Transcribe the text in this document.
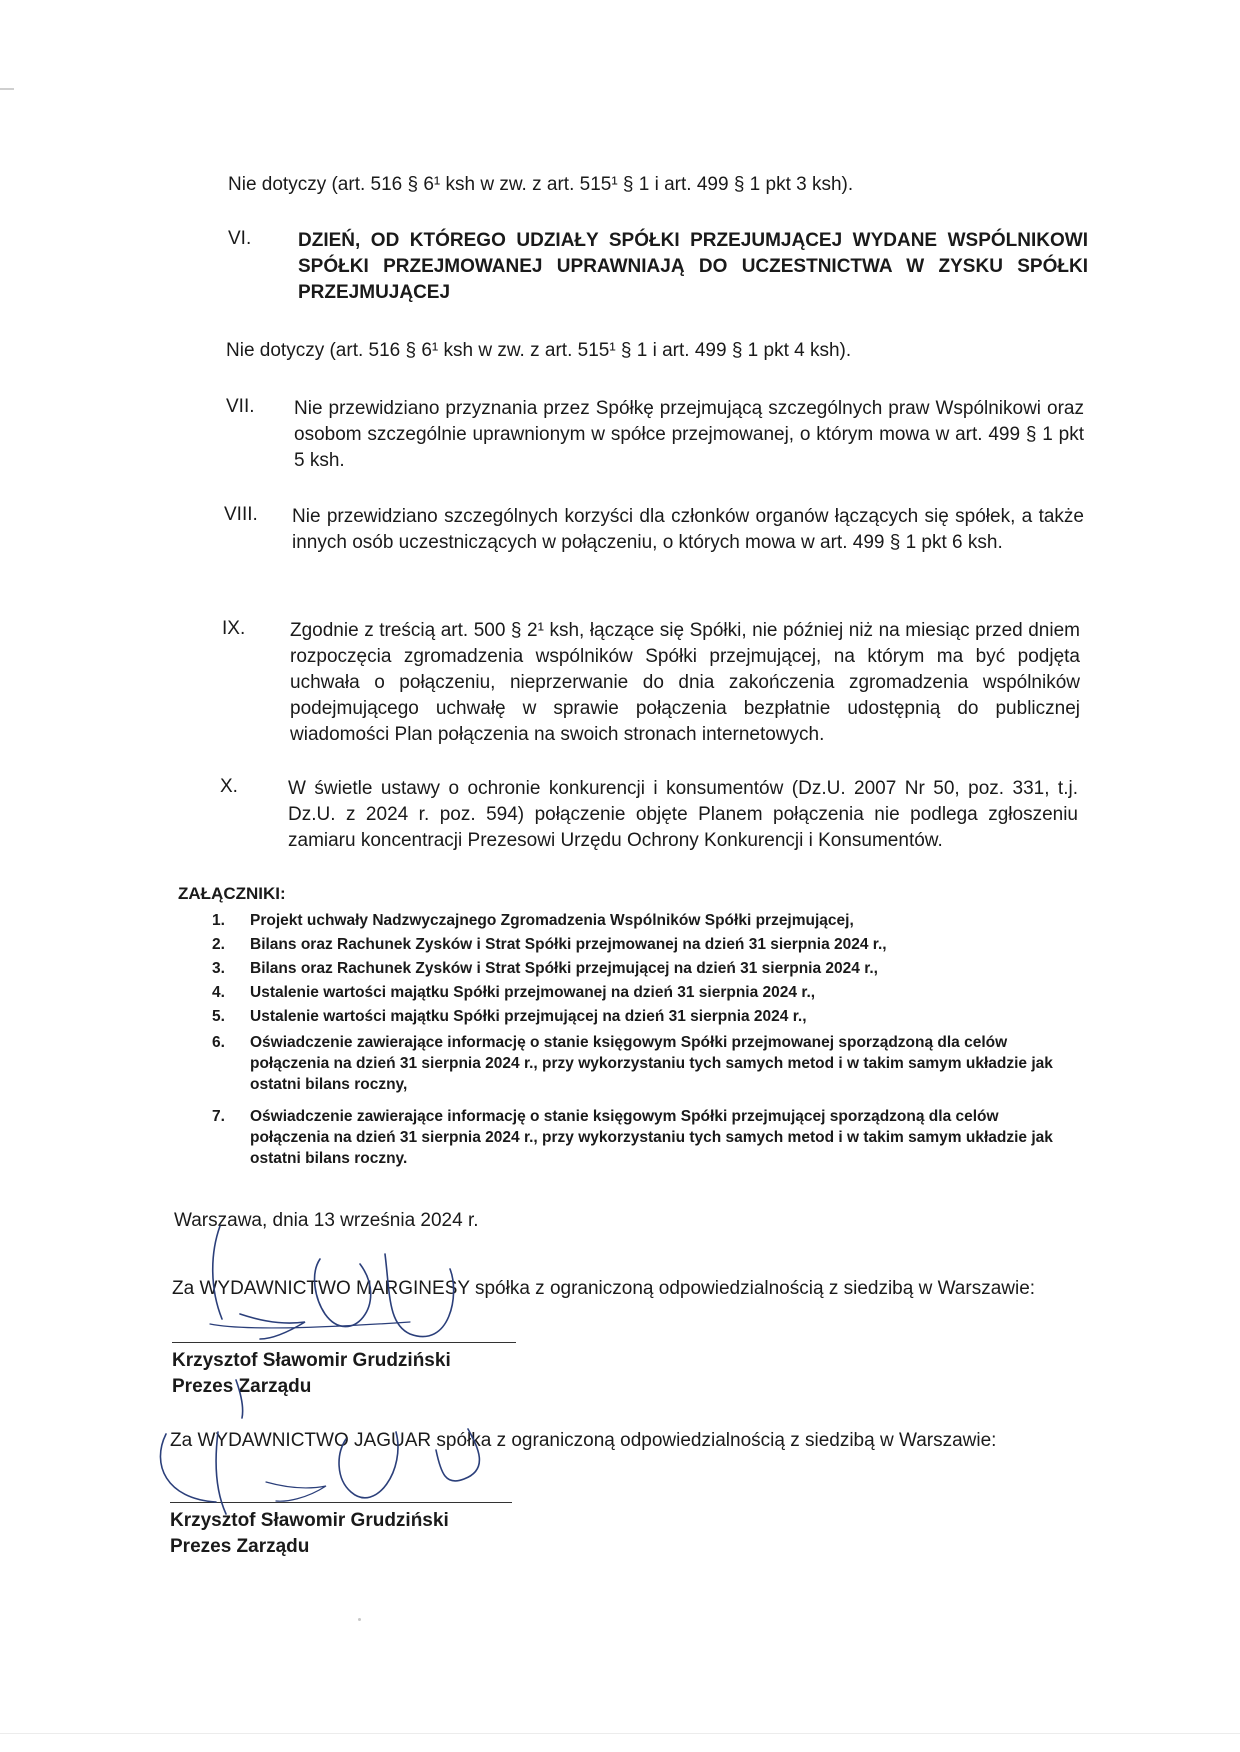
Nie dotyczy (art. 516 § 6¹ ksh w zw. z art. 515¹ § 1 i art. 499 § 1 pkt 3 ksh).
VI. DZIEŃ, OD KTÓREGO UDZIAŁY SPÓŁKI PRZEJUMJĄCEJ WYDANE WSPÓLNIKOWI SPÓŁKI PRZEJMOWANEJ UPRAWNIAJĄ DO UCZESTNICTWA W ZYSKU SPÓŁKI PRZEJMUJĄCEJ
Nie dotyczy (art. 516 § 6¹ ksh w zw. z art. 515¹ § 1 i art. 499 § 1 pkt 4 ksh).
VII. Nie przewidziano przyznania przez Spółkę przejmującą szczególnych praw Wspólnikowi oraz osobom szczególnie uprawnionym w spółce przejmowanej, o którym mowa w art. 499 § 1 pkt 5 ksh.
VIII. Nie przewidziano szczególnych korzyści dla członków organów łączących się spółek, a także innych osób uczestniczących w połączeniu, o których mowa w art. 499 § 1 pkt 6 ksh.
IX. Zgodnie z treścią art. 500 § 2¹ ksh, łączące się Spółki, nie później niż na miesiąc przed dniem rozpoczęcia zgromadzenia wspólników Spółki przejmującej, na którym ma być podjęta uchwała o połączeniu, nieprzerwanie do dnia zakończenia zgromadzenia wspólników podejmującego uchwałę w sprawie połączenia bezpłatnie udostępnią do publicznej wiadomości Plan połączenia na swoich stronach internetowych.
X.	W świetle ustawy o ochronie konkurencji i konsumentów (Dz.U. 2007 Nr 50, poz. 331, t.j. Dz.U. z 2024 r. poz. 594) połączenie objęte Planem połączenia nie podlega zgłoszeniu zamiaru koncentracji Prezesowi Urzędu Ochrony Konkurencji i Konsumentów.
ZAŁĄCZNIKI:
1. Projekt uchwały Nadzwyczajnego Zgromadzenia Wspólników Spółki przejmującej,
2. Bilans oraz Rachunek Zysków i Strat Spółki przejmowanej na dzień 31 sierpnia 2024 r.,
3. Bilans oraz Rachunek Zysków i Strat Spółki przejmującej na dzień 31 sierpnia 2024 r.,
4. Ustalenie wartości majątku Spółki przejmowanej na dzień 31 sierpnia 2024 r.,
5. Ustalenie wartości majątku Spółki przejmującej na dzień 31 sierpnia 2024 r.,
6. Oświadczenie zawierające informację o stanie księgowym Spółki przejmowanej sporządzoną dla celów połączenia na dzień 31 sierpnia 2024 r., przy wykorzystaniu tych samych metod i w takim samym układzie jak ostatni bilans roczny,
7. Oświadczenie zawierające informację o stanie księgowym Spółki przejmującej sporządzoną dla celów połączenia na dzień 31 sierpnia 2024 r., przy wykorzystaniu tych samych metod i w takim samym układzie jak ostatni bilans roczny.
Warszawa, dnia 13 września 2024 r.
Za WYDAWNICTWO MARGINESY spółka z ograniczoną odpowiedzialnością z siedzibą w Warszawie:
Krzysztof Sławomir Grudziński
Prezes Zarządu
Za WYDAWNICTWO JAGUAR spółka z ograniczoną odpowiedzialnością z siedzibą w Warszawie:
Krzysztof Sławomir Grudziński
Prezes Zarządu
